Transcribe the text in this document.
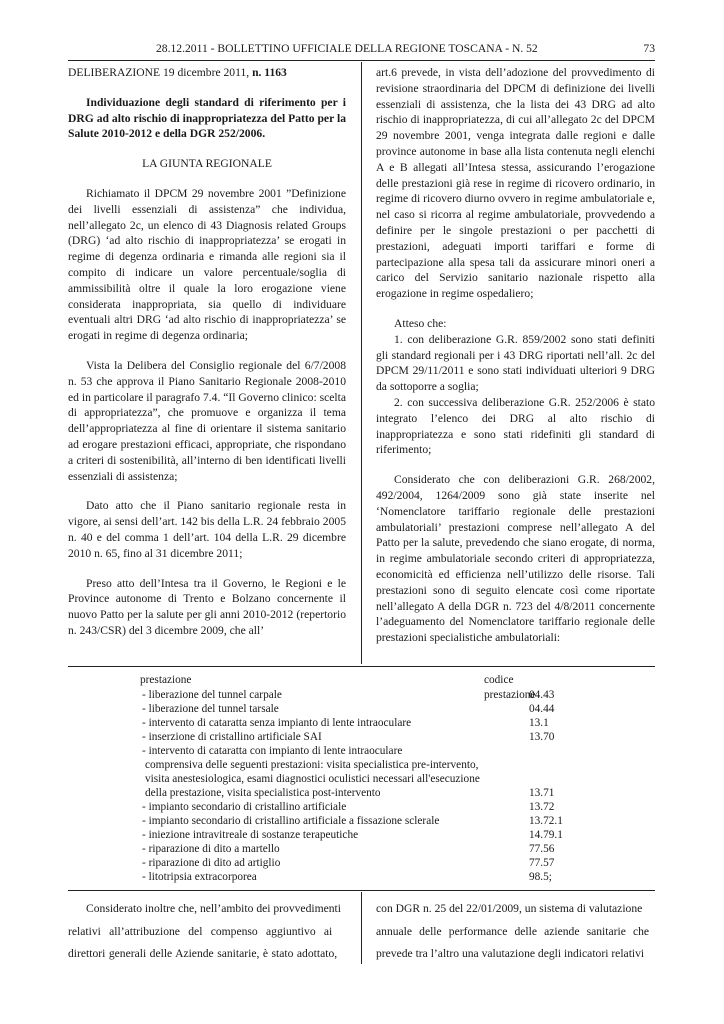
28.12.2011 - BOLLETTINO UFFICIALE DELLA REGIONE TOSCANA - N. 52	73

DELIBERAZIONE 19 dicembre 2011, n. 1163

Individuazione degli standard di riferimento per i DRG ad alto rischio di inappropriatezza del Patto per la Salute 2010-2012 e della DGR 252/2006.

LA GIUNTA REGIONALE

Richiamato il DPCM 29 novembre 2001 ”Definizione dei livelli essenziali di assistenza” che individua, nell’allegato 2c, un elenco di 43 Diagnosis related Groups (DRG) ‘ad alto rischio di inappropriatezza’ se erogati in regime di degenza ordinaria e rimanda alle regioni sia il compito di indicare un valore percentuale/soglia di ammissibilità oltre il quale la loro erogazione viene considerata inappropriata, sia quello di individuare eventuali altri DRG ‘ad alto rischio di inappropriatezza’ se erogati in regime di degenza ordinaria;

Vista la Delibera del Consiglio regionale del 6/7/2008 n. 53 che approva il Piano Sanitario Regionale 2008-2010 ed in particolare il paragrafo 7.4. “Il Governo clinico: scelta di appropriatezza”, che promuove e organizza il tema dell’appropriatezza al fine di orientare il sistema sanitario ad erogare prestazioni efficaci, appropriate, che rispondano a criteri di sostenibilità, all’interno di ben identificati livelli essenziali di assistenza;

Dato atto che il Piano sanitario regionale resta in vigore, ai sensi dell’art. 142 bis della L.R. 24 febbraio 2005 n. 40 e del comma 1 dell’art. 104 della L.R. 29 dicembre 2010 n. 65, fino al 31 dicembre 2011;

Preso atto dell’Intesa tra il Governo, le Regioni e le Province autonome di Trento e Bolzano concernente il nuovo Patto per la salute per gli anni 2010-2012 (repertorio n. 243/CSR) del 3 dicembre 2009, che all’

art.6 prevede, in vista dell’adozione del provvedimento di revisione straordinaria del DPCM di definizione dei livelli essenziali di assistenza, che la lista dei 43 DRG ad alto rischio di inappropriatezza, di cui all’allegato 2c del DPCM 29 novembre 2001, venga integrata dalle regioni e dalle province autonome in base alla lista contenuta negli elenchi A e B allegati all’Intesa stessa, assicurando l’erogazione delle prestazioni già rese in regime di ricovero ordinario, in regime di ricovero diurno ovvero in regime ambulatoriale e, nel caso si ricorra al regime ambulatoriale, provvedendo a definire per le singole prestazioni o per pacchetti di prestazioni, adeguati importi tariffari e forme di partecipazione alla spesa tali da assicurare minori oneri a carico del Servizio sanitario nazionale rispetto alla erogazione in regime ospedaliero;

Atteso che:

1. con deliberazione G.R. 859/2002 sono stati definiti gli standard regionali per i 43 DRG riportati nell’all. 2c del DPCM 29/11/2011 e sono stati individuati ulteriori 9 DRG da sottoporre a soglia;

2. con successiva deliberazione G.R. 252/2006 è stato integrato l’elenco dei DRG al alto rischio di inappropriatezza e sono stati ridefiniti gli standard di riferimento;

Considerato che con deliberazioni G.R. 268/2002, 492/2004, 1264/2009 sono già state inserite nel ‘Nomenclatore tariffario regionale delle prestazioni ambulatoriali’ prestazioni comprese nell’allegato A del Patto per la salute, prevedendo che siano erogate, di norma, in regime ambulatoriale secondo criteri di appropriatezza, economicità ed efficienza nell’utilizzo delle risorse. Tali prestazioni sono di seguito elencate così come riportate nell’allegato A della DGR n. 723 del 4/8/2011 concernente l’adeguamento del Nomenclatore tariffario regionale delle prestazioni specialistiche ambulatoriali:

prestazione	codice prestazione
- liberazione del tunnel carpale	04.43
- liberazione del tunnel tarsale	04.44
- intervento di cataratta senza impianto di lente intraoculare	13.1
- inserzione di cristallino artificiale SAI	13.70
- intervento di cataratta con impianto di lente intraoculare
comprensiva delle seguenti prestazioni: visita specialistica pre-intervento,
visita anestesiologica, esami diagnostici oculistici necessari all'esecuzione
della prestazione, visita specialistica post-intervento	13.71
- impianto secondario di cristallino artificiale	13.72
- impianto secondario di cristallino artificiale a fissazione sclerale	13.72.1
- iniezione intravitreale di sostanze terapeutiche	14.79.1
- riparazione di dito a martello	77.56
- riparazione di dito ad artiglio	77.57
- litotripsia extracorporea	98.5;
Considerato inoltre che, nell’ambito dei provvedimenti
relativi all’attribuzione del compenso aggiuntivo ai
direttori generali delle Aziende sanitarie, è stato adottato,
con DGR n. 25 del 22/01/2009, un sistema di valutazione
annuale delle performance delle aziende sanitarie che
prevede tra l’altro una valutazione degli indicatori relativi
